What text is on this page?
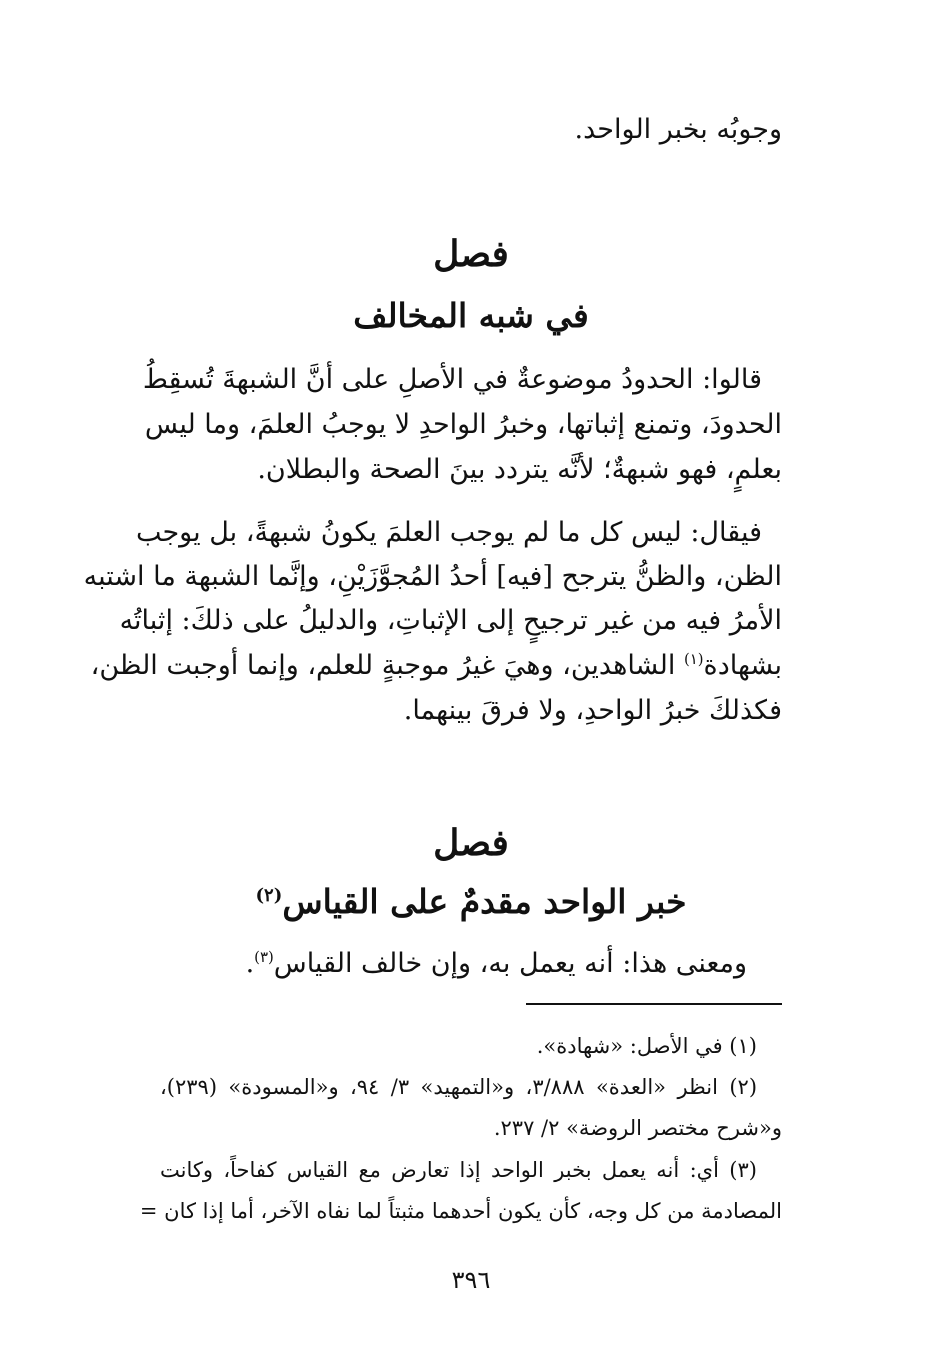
وجوبُه بخبر الواحد.
فصل
في شبه المخالف
قالوا: الحدودُ موضوعةٌ في الأصلِ على أنَّ الشبهةَ تُسقِطُ
الحدودَ، وتمنع إثباتها، وخبرُ الواحدِ لا يوجبُ العلمَ، وما ليس
بعلمٍ، فهو شبهةٌ؛ لأنَّه يتردد بينَ الصحة والبطلان.
فيقال: ليس كل ما لم يوجب العلمَ يكونُ شبهةً، بل يوجب
الظن، والظنُّ يترجح [فيه] أحدُ المُجوَّزَيْنِ، وإنَّما الشبهة ما اشتبه
الأمرُ فيه من غير ترجيحٍ إلى الإثباتِ، والدليلُ على ذلكَ: إثباتُه
بشهادة$^{(١)}$ الشاهدين، وهيَ غيرُ موجبةٍ للعلم، وإنما أوجبت الظن،
فكذلكَ خبرُ الواحدِ، ولا فرقَ بينهما.
فصل
خبر الواحد مقدمٌ على القياس$^{(٢)}$
ومعنى هذا: أنه يعمل به، وإن خالف القياس$^{(٣)}$.
(١) في الأصل: «شهادة».
(٢) انظر «العدة» ٣/٨٨٨، و«التمهيد» ٣/ ٩٤، و«المسودة» (٢٣٩)،
و«شرح مختصر الروضة» ٢/ ٢٣٧.
(٣) أي: أنه يعمل بخبر الواحد إذا تعارض مع القياس كفاحاً، وكانت
المصادمة من كل وجه، كأن يكون أحدهما مثبتاً لما نفاه الآخر، أما إذا كان =
٣٩٦
